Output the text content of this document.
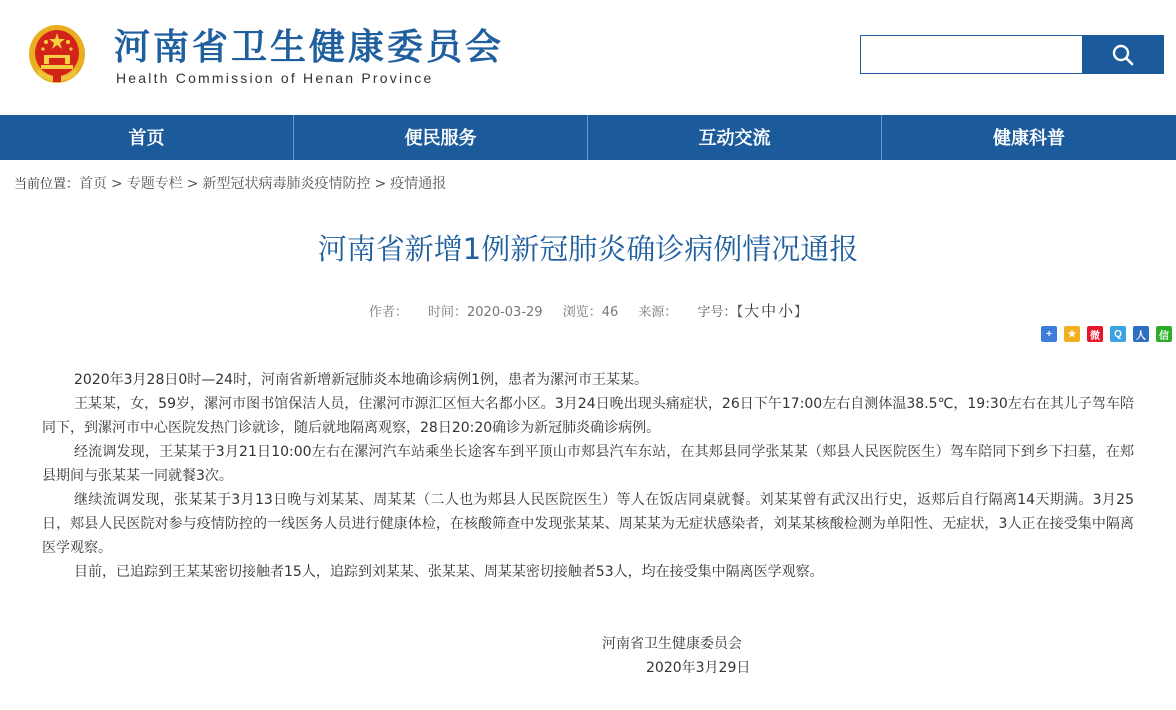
河南省卫生健康委员会
Health Commission of Henan Province
首页	便民服务	互动交流	健康科普
当前位置：首页 > 专题专栏 > 新型冠状病毒肺炎疫情防控 > 疫情通报
河南省新增1例新冠肺炎确诊病例情况通报
作者： 时间：2020-03-29 浏览：46 来源： 字号：【大 中 小】
+	★	微	Q	人	信

2020年3月28日0时—24时，河南省新增新冠肺炎本地确诊病例1例，患者为漯河市王某某。

王某某，女，59岁，漯河市图书馆保洁人员，住漯河市源汇区恒大名都小区。3月24日晚出现头痛症状，26日下午17:00左右自测体温38.5℃，19:30左右在其儿子驾车陪同下，到漯河市中心医院发热门诊就诊，随后就地隔离观察，28日20:20确诊为新冠肺炎确诊病例。

经流调发现，王某某于3月21日10:00左右在漯河汽车站乘坐长途客车到平顶山市郏县汽车东站，在其郏县同学张某某（郏县人民医院医生）驾车陪同下到乡下扫墓，在郏县期间与张某某一同就餐3次。

继续流调发现，张某某于3月13日晚与刘某某、周某某（二人也为郏县人民医院医生）等人在饭店同桌就餐。刘某某曾有武汉出行史，返郏后自行隔离14天期满。3月25日，郏县人民医院对参与疫情防控的一线医务人员进行健康体检，在核酸筛查中发现张某某、周某某为无症状感染者，刘某某核酸检测为单阳性、无症状，3人正在接受集中隔离医学观察。

目前，已追踪到王某某密切接触者15人，追踪到刘某某、张某某、周某某密切接触者53人，均在接受集中隔离医学观察。

河南省卫生健康委员会
2020年3月29日
